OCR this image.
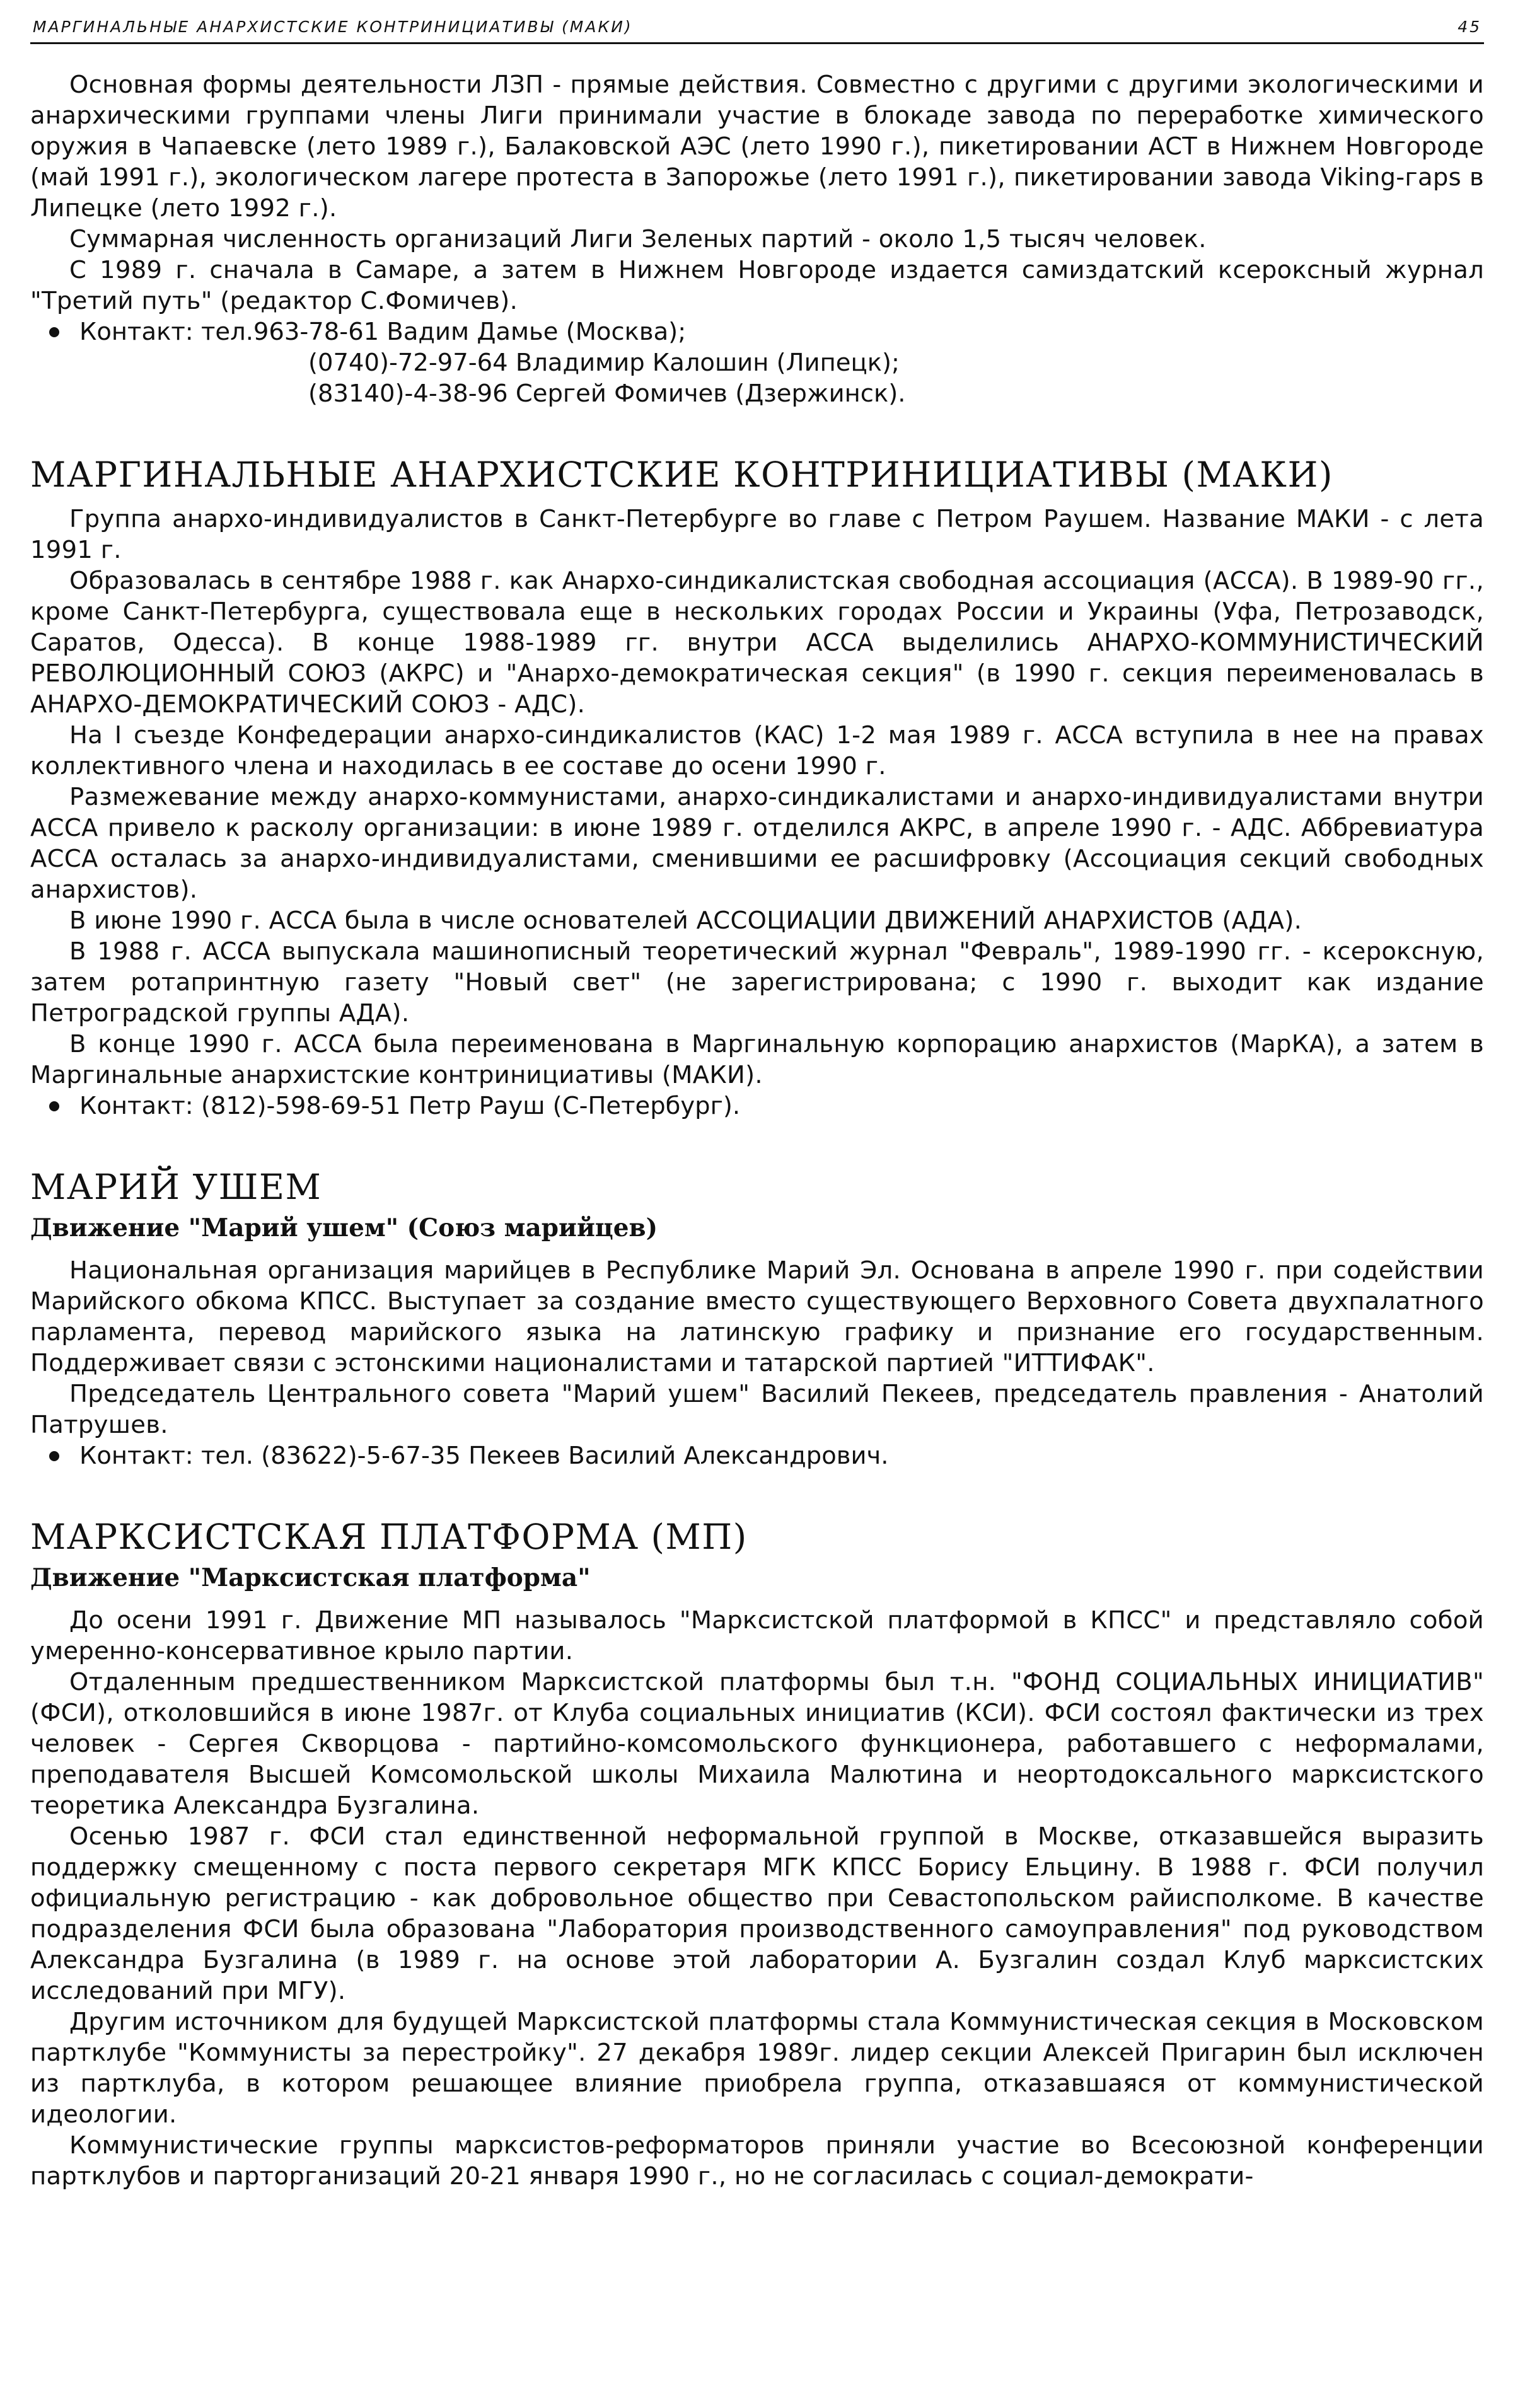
МАРГИНАЛЬНЫЕ АНАРХИСТСКИЕ КОНТРИНИЦИАТИВЫ (МАКИ)	45

Основная формы деятельности ЛЗП - прямые действия. Совместно с другими с другими экологическими и анархическими группами члены Лиги принимали участие в блокаде завода по переработке химического оружия в Чапаевске (лето 1989 г.), Балаковской АЭС (лето 1990 г.), пикетировании АСТ в Нижнем Новгороде (май 1991 г.), экологическом лагере протеста в Запорожье (лето 1991 г.), пикетировании завода Viking-гаps в Липецке (лето 1992 г.).

Суммарная численность организаций Лиги Зеленых партий - около 1,5 тысяч человек.

С 1989 г. сначала в Самаре, а затем в Нижнем Новгороде издается самиздатский ксероксный журнал "Третий путь" (редактор С.Фомичев).

Контакт: тел.963-78-61 Вадим Дамье (Москва);

(0740)-72-97-64 Владимир Калошин (Липецк);

(83140)-4-38-96 Сергей Фомичев (Дзержинск).

МАРГИНАЛЬНЫЕ АНАРХИСТСКИЕ КОНТРИНИЦИАТИВЫ (МАКИ)

Группа анархо-индивидуалистов в Санкт-Петербурге во главе с Петром Раушем. Название МАКИ - с лета 1991 г.

Образовалась в сентябре 1988 г. как Анархо-синдикалистская свободная ассоциация (АССА). В 1989-90 гг., кроме Санкт-Петербурга, существовала еще в нескольких городах России и Украины (Уфа, Петрозаводск, Саратов, Одесса). В конце 1988-1989 гг. внутри АССА выделились АНАРХО-КОММУНИСТИЧЕСКИЙ РЕВОЛЮЦИОННЫЙ СОЮЗ (АКРС) и "Анархо-демократическая секция" (в 1990 г. секция переименовалась в АНАРХО-ДЕМОКРАТИЧЕСКИЙ СОЮЗ - АДС).

На I съезде Конфедерации анархо-синдикалистов (КАС) 1-2 мая 1989 г. АССА вступила в нее на правах коллективного члена и находилась в ее составе до осени 1990 г.

Размежевание между анархо-коммунистами, анархо-синдикалистами и анархо-индивидуалистами внутри АССА привело к расколу организации: в июне 1989 г. отделился АКРС, в апреле 1990 г. - АДС. Аббревиатура АССА осталась за анархо-индивидуалистами, сменившими ее расшифровку (Ассоциация секций свободных анархистов).

В июне 1990 г. АССА была в числе основателей АССОЦИАЦИИ ДВИЖЕНИЙ АНАРХИСТОВ (АДА).

В 1988 г. АССА выпускала машинописный теоретический журнал "Февраль", 1989-1990 гг. - ксероксную, затем ротапринтную газету "Новый свет" (не зарегистрирована; с 1990 г. выходит как издание Петроградской группы АДА).

В конце 1990 г. АССА была переименована в Маргинальную корпорацию анархистов (МарКА), а затем в Маргинальные анархистские контринициативы (МАКИ).

Контакт: (812)-598-69-51 Петр Рауш (С-Петербург).

МАРИЙ УШЕМ

Движение "Марий ушем" (Союз марийцев)

Национальная организация марийцев в Республике Марий Эл. Основана в апреле 1990 г. при содействии Марийского обкома КПСС. Выступает за создание вместо существующего Верховного Совета двухпалатного парламента, перевод марийского языка на латинскую графику и признание его государственным. Поддерживает связи с эстонскими националистами и татарской партией "ИТТИФАК".

Председатель Центрального совета "Марий ушем" Василий Пекеев, председатель правления - Анатолий Патрушев.

Контакт: тел. (83622)-5-67-35 Пекеев Василий Александрович.

МАРКСИСТСКАЯ ПЛАТФОРМА (МП)

Движение "Марксистская платформа"

До осени 1991 г. Движение МП называлось "Марксистской платформой в КПСС" и представляло собой умеренно-консервативное крыло партии.

Отдаленным предшественником Марксистской платформы был т.н. "ФОНД СОЦИАЛЬНЫХ ИНИЦИАТИВ" (ФСИ), отколовшийся в июне 1987г. от Клуба социальных инициатив (КСИ). ФСИ состоял фактически из трех человек - Сергея Скворцова - партийно-комсомольского функционера, работавшего с неформалами, преподавателя Высшей Комсомольской школы Михаила Малютина и неортодоксального марксистского теоретика Александра Бузгалина.

Осенью 1987 г. ФСИ стал единственной неформальной группой в Москве, отказавшейся выразить поддержку смещенному с поста первого секретаря МГК КПСС Борису Ельцину. В 1988 г. ФСИ получил официальную регистрацию - как добровольное общество при Севастопольском райисполкоме. В качестве подразделения ФСИ была образована "Лаборатория производственного самоуправления" под руководством Александра Бузгалина (в 1989 г. на основе этой лаборатории А. Бузгалин создал Клуб марксистских исследований при МГУ).

Другим источником для будущей Марксистской платформы стала Коммунистическая секция в Московском партклубе "Коммунисты за перестройку". 27 декабря 1989г. лидер секции Алексей Пригарин был исключен из партклуба, в котором решающее влияние приобрела группа, отказавшаяся от коммунистической идеологии.

Коммунистические группы марксистов-реформаторов приняли участие во Всесоюзной конференции партклубов и парторганизаций 20-21 января 1990 г., но не согласилась с социал-демократи-
